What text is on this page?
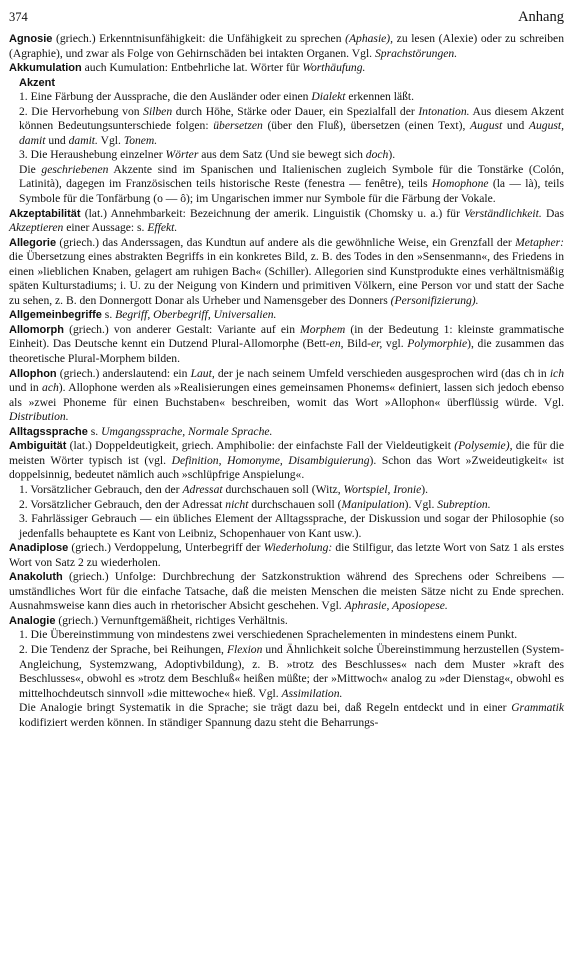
374	Anhang

Agnosie (griech.) Erkenntnisunfähigkeit: die Unfähigkeit zu sprechen (Aphasie), zu lesen (Alexie) oder zu schreiben (Agraphie), und zwar als Folge von Gehirnschäden bei intakten Organen. Vgl. Sprachstörungen.

Akkumulation auch Kumulation: Entbehrliche lat. Wörter für Worthäufung.

Akzent

1. Eine Färbung der Aussprache, die den Ausländer oder einen Dialekt erkennen läßt.

2. Die Hervorhebung von Silben durch Höhe, Stärke oder Dauer, ein Spezialfall der Intonation. Aus diesem Akzent können Bedeutungsunterschiede folgen: übersetzen (über den Fluß), übersetzen (einen Text), August und August, damit und damit. Vgl. Tonem.

3. Die Heraushebung einzelner Wörter aus dem Satz (Und sie bewegt sich doch).

Die geschriebenen Akzente sind im Spanischen und Italienischen zugleich Symbole für die Tonstärke (Colón, Latinità), dagegen im Französischen teils historische Reste (fenestra — fenêtre), teils Homophone (la — là), teils Symbole für die Tonfärbung (o — ô); im Ungarischen immer nur Symbole für die Färbung der Vokale.

Akzeptabilität (lat.) Annehmbarkeit: Bezeichnung der amerik. Linguistik (Chomsky u. a.) für Verständlichkeit. Das Akzeptieren einer Aussage: s. Effekt.

Allegorie (griech.) das Anderssagen, das Kundtun auf andere als die gewöhnliche Weise, ein Grenzfall der Metapher: die Übersetzung eines abstrakten Begriffs in ein konkretes Bild, z. B. des Todes in den »Sensenmann«, des Friedens in einen »lieblichen Knaben, gelagert am ruhigen Bach« (Schiller). Allegorien sind Kunstprodukte eines verhältnismäßig späten Kulturstadiums; i. U. zu der Neigung von Kindern und primitiven Völkern, eine Person vor und statt der Sache zu sehen, z. B. den Donnergott Donar als Urheber und Namensgeber des Donners (Personifizierung).

Allgemeinbegriffe s. Begriff, Oberbegriff, Universalien.

Allomorph (griech.) von anderer Gestalt: Variante auf ein Morphem (in der Bedeutung 1: kleinste grammatische Einheit). Das Deutsche kennt ein Dutzend Plural-Allomorphe (Bett-en, Bild-er, vgl. Polymorphie), die zusammen das theoretische Plural-Morphem bilden.

Allophon (griech.) anderslautend: ein Laut, der je nach seinem Umfeld verschieden ausgesprochen wird (das ch in ich und in ach). Allophone werden als »Realisierungen eines gemeinsamen Phonems« definiert, lassen sich jedoch ebenso als »zwei Phoneme für einen Buchstaben« beschreiben, womit das Wort »Allophon« überflüssig würde. Vgl. Distribution.

Alltagssprache s. Umgangssprache, Normale Sprache.

Ambiguität (lat.) Doppeldeutigkeit, griech. Amphibolie: der einfachste Fall der Vieldeutigkeit (Polysemie), die für die meisten Wörter typisch ist (vgl. Definition, Homonyme, Disambiguierung). Schon das Wort »Zweideutigkeit« ist doppelsinnig, bedeutet nämlich auch »schlüpfrige Anspielung«.

1. Vorsätzlicher Gebrauch, den der Adressat durchschauen soll (Witz, Wortspiel, Ironie).

2. Vorsätzlicher Gebrauch, den der Adressat nicht durchschauen soll (Manipulation). Vgl. Subreption.

3. Fahrlässiger Gebrauch — ein übliches Element der Alltagssprache, der Diskussion und sogar der Philosophie (so jedenfalls behauptete es Kant von Leibniz, Schopenhauer von Kant usw.).

Anadiplose (griech.) Verdoppelung, Unterbegriff der Wiederholung: die Stilfigur, das letzte Wort von Satz 1 als erstes Wort von Satz 2 zu wiederholen.

Anakoluth (griech.) Unfolge: Durchbrechung der Satzkonstruktion während des Sprechens oder Schreibens — umständliches Wort für die einfache Tatsache, daß die meisten Menschen die meisten Sätze nicht zu Ende sprechen. Ausnahmsweise kann dies auch in rhetorischer Absicht geschehen. Vgl. Aphrasie, Aposiopese.

Analogie (griech.) Vernunftgemäßheit, richtiges Verhältnis.

1. Die Übereinstimmung von mindestens zwei verschiedenen Sprachelementen in mindestens einem Punkt.

2. Die Tendenz der Sprache, bei Reihungen, Flexion und Ähnlichkeit solche Übereinstimmung herzustellen (System-Angleichung, Systemzwang, Adoptivbildung), z. B. »trotz des Beschlusses« nach dem Muster »kraft des Beschlusses«, obwohl es »trotz dem Beschluß« heißen müßte; der »Mittwoch« analog zu »der Dienstag«, obwohl es mittelhochdeutsch sinnvoll »die mittewoche« hieß. Vgl. Assimilation.

Die Analogie bringt Systematik in die Sprache; sie trägt dazu bei, daß Regeln entdeckt und in einer Grammatik kodifiziert werden können. In ständiger Spannung dazu steht die Beharrungs-
